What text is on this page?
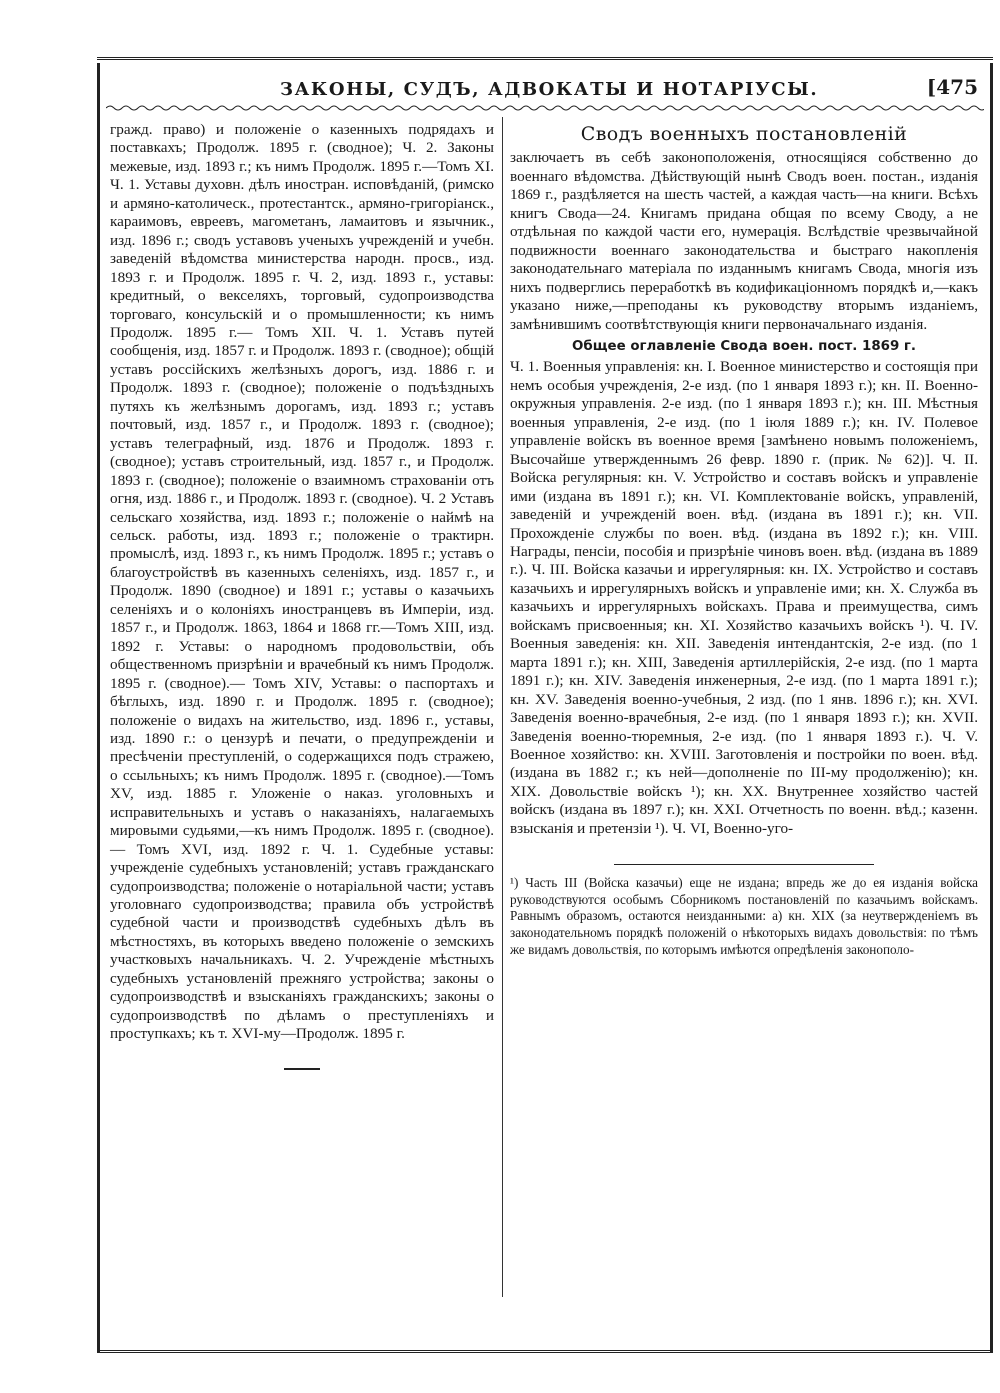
ЗАКОНЫ, СУДЪ, АДВОКАТЫ И НОТАРIУСЫ.	[475

гражд. право) и положенiе о казенныхъ подрядахъ и поставкахъ; Продолж. 1895 г. (сводное); Ч. 2. Законы межевые, изд. 1893 г.; къ нимъ Продолж. 1895 г.—Томъ XI. Ч. 1. Уставы духовн. дѣлъ иностран. исповѣданiй, (римско и армяно-католическ., протестантск., армяно-григорiанск., караимовъ, евреевъ, магометанъ, ламаитовъ и язычник., изд. 1896 г.; сводъ уставовъ ученыхъ учрежденiй и учебн. заведенiй вѣдомства министерства народн. просв., изд. 1893 г. и Продолж. 1895 г. Ч. 2, изд. 1893 г., уставы: кредитный, о векселяхъ, торговый, судопроизводства торговаго, консульскiй и о промышленности; къ нимъ Продолж. 1895 г.— Томъ XII. Ч. 1. Уставъ путей сообщенiя, изд. 1857 г. и Продолж. 1893 г. (сводное); общiй уставъ россiйскихъ желѣзныхъ дорогъ, изд. 1886 г. и Продолж. 1893 г. (сводное); положенiе о подъѣздныхъ путяхъ къ желѣзнымъ дорогамъ, изд. 1893 г.; уставъ почтовый, изд. 1857 г., и Продолж. 1893 г. (сводное); уставъ телеграфный, изд. 1876 и Продолж. 1893 г. (сводное); уставъ строительный, изд. 1857 г., и Продолж. 1893 г. (сводное); положенiе о взаимномъ страхованiи отъ огня, изд. 1886 г., и Продолж. 1893 г. (сводное). Ч. 2 Уставъ сельскаго хозяйства, изд. 1893 г.; положенiе о наймѣ на сельск. работы, изд. 1893 г.; положенiе о трактирн. промыслѣ, изд. 1893 г., къ нимъ Продолж. 1895 г.; уставъ о благоустройствѣ въ казенныхъ селенiяхъ, изд. 1857 г., и Продолж. 1890 (сводное) и 1891 г.; уставы о казачьихъ селенiяхъ и о колонiяхъ иностранцевъ въ Имперiи, изд. 1857 г., и Продолж. 1863, 1864 и 1868 гг.—Томъ XIII, изд. 1892 г. Уставы: о народномъ продовольствiи, объ общественномъ призрѣнiи и врачебный къ нимъ Продолж. 1895 г. (сводное).— Томъ XIV, Уставы: о паспортахъ и бѣглыхъ, изд. 1890 г. и Продолж. 1895 г. (сводное); положенiе о видахъ на жительство, изд. 1896 г., уставы, изд. 1890 г.: о цензурѣ и печати, о предупрежденiи и пресѣченiи преступленiй, о содержащихся подъ стражею, о ссыльныхъ; къ нимъ Продолж. 1895 г. (сводное).—Томъ XV, изд. 1885 г. Уложенiе о наказ. уголовныхъ и исправительныхъ и уставъ о наказанiяхъ, налагаемыхъ мировыми судьями,—къ нимъ Продолж. 1895 г. (сводное).— Томъ XVI, изд. 1892 г. Ч. 1. Судебные уставы: учрежденiе судебныхъ установленiй; уставъ гражданскаго судопроизводства; положенiе о нотарiальной части; уставъ уголовнаго судопроизводства; правила объ устройствѣ судебной части и производствѣ судебныхъ дѣлъ въ мѣстностяхъ, въ которыхъ введено положенiе о земскихъ участковыхъ начальникахъ. Ч. 2. Учрежденiе мѣстныхъ судебныхъ установленiй прежняго устройства; законы о судопроизводствѣ и взысканiяхъ гражданскихъ; законы о судопроизводствѣ по дѣламъ о преступленiяхъ и проступкахъ; къ т. XVI-му—Продолж. 1895 г.

Сводъ военныхъ постановленiй

заключаетъ въ себѣ законоположенiя, относящiяся собственно до военнаго вѣдомства. Дѣйствующiй нынѣ Сводъ воен. постан., изданiя 1869 г., раздѣляется на шесть частей, а каждая часть—на книги. Всѣхъ книгъ Свода—24. Книгамъ придана общая по всему Своду, а не отдѣльная по каждой части его, нумерацiя. Вслѣдствiе чрезвычайной подвижности военнаго законодательства и быстраго накопленiя законодательнаго матерiала по изданнымъ книгамъ Свода, многiя изъ нихъ подверглись переработкѣ въ кодификацiонномъ порядкѣ и,—какъ указано ниже,—преподаны къ руководству вторымъ изданiемъ, замѣнившимъ соотвѣтствующiя книги первоначальнаго изданiя.

Общее оглавленiе Свода воен. пост. 1869 г.

Ч. 1. Военныя управленiя: кн. I. Военное министерство и состоящiя при немъ особыя учрежденiя, 2-е изд. (по 1 января 1893 г.); кн. II. Военно-окружныя управленiя. 2-е изд. (по 1 января 1893 г.); кн. III. Мѣстныя военныя управленiя, 2-е изд. (по 1 iюля 1889 г.); кн. IV. Полевое управленiе войскъ въ военное время [замѣнено новымъ положенiемъ, Высочайше утвержденнымъ 26 февр. 1890 г. (прик. № 62)]. Ч. II. Войска регулярныя: кн. V. Устройство и составъ войскъ и управленiе ими (издана въ 1891 г.); кн. VI. Комплектованiе войскъ, управленiй, заведенiй и учрежденiй воен. вѣд. (издана въ 1891 г.); кн. VII. Прохожденiе службы по воен. вѣд. (издана въ 1892 г.); кн. VIII. Награды, пенсiи, пособiя и призрѣнiе чиновъ воен. вѣд. (издана въ 1889 г.). Ч. III. Войска казачьи и иррегулярныя: кн. IX. Устройство и составъ казачьихъ и иррегулярныхъ войскъ и управленiе ими; кн. X. Служба въ казачьихъ и иррегулярныхъ войскахъ. Права и преимущества, симъ войскамъ присвоенныя; кн. XI. Хозяйство казачьихъ войскъ ¹). Ч. IV. Военныя заведенiя: кн. XII. Заведенiя интендантскiя, 2-е изд. (по 1 марта 1891 г.); кн. XIII, Заведенiя артиллерiйскiя, 2-е изд. (по 1 марта 1891 г.); кн. XIV. Заведенiя инженерныя, 2-е изд. (по 1 марта 1891 г.); кн. XV. Заведенiя военно-учебныя, 2 изд. (по 1 янв. 1896 г.); кн. XVI. Заведенiя военно-врачебныя, 2-е изд. (по 1 января 1893 г.); кн. XVII. Заведенiя военно-тюремныя, 2-е изд. (по 1 января 1893 г.). Ч. V. Военное хозяйство: кн. XVIII. Заготовленiя и постройки по воен. вѣд. (издана въ 1882 г.; къ ней—дополненiе по III-му продолженiю); кн. XIX. Довольствiе войскъ ¹); кн. XX. Внутреннее хозяйство частей войскъ (издана въ 1897 г.); кн. XXI. Отчетность по военн. вѣд.; казенн. взысканiя и претензiи ¹). Ч. VI, Военно-уго-

¹) Часть III (Войска казачьи) еще не издана; впредь же до ея изданiя войска руководствуются особымъ Сборникомъ постановленiй по казачьимъ войскамъ. Равнымъ образомъ, остаются неизданными: а) кн. XIX (за неутвержденiемъ въ законодательномъ порядкѣ положенiй о нѣкоторыхъ видахъ довольствiя: по тѣмъ же видамъ довольствiя, по которымъ имѣются опредѣленiя законополо-
